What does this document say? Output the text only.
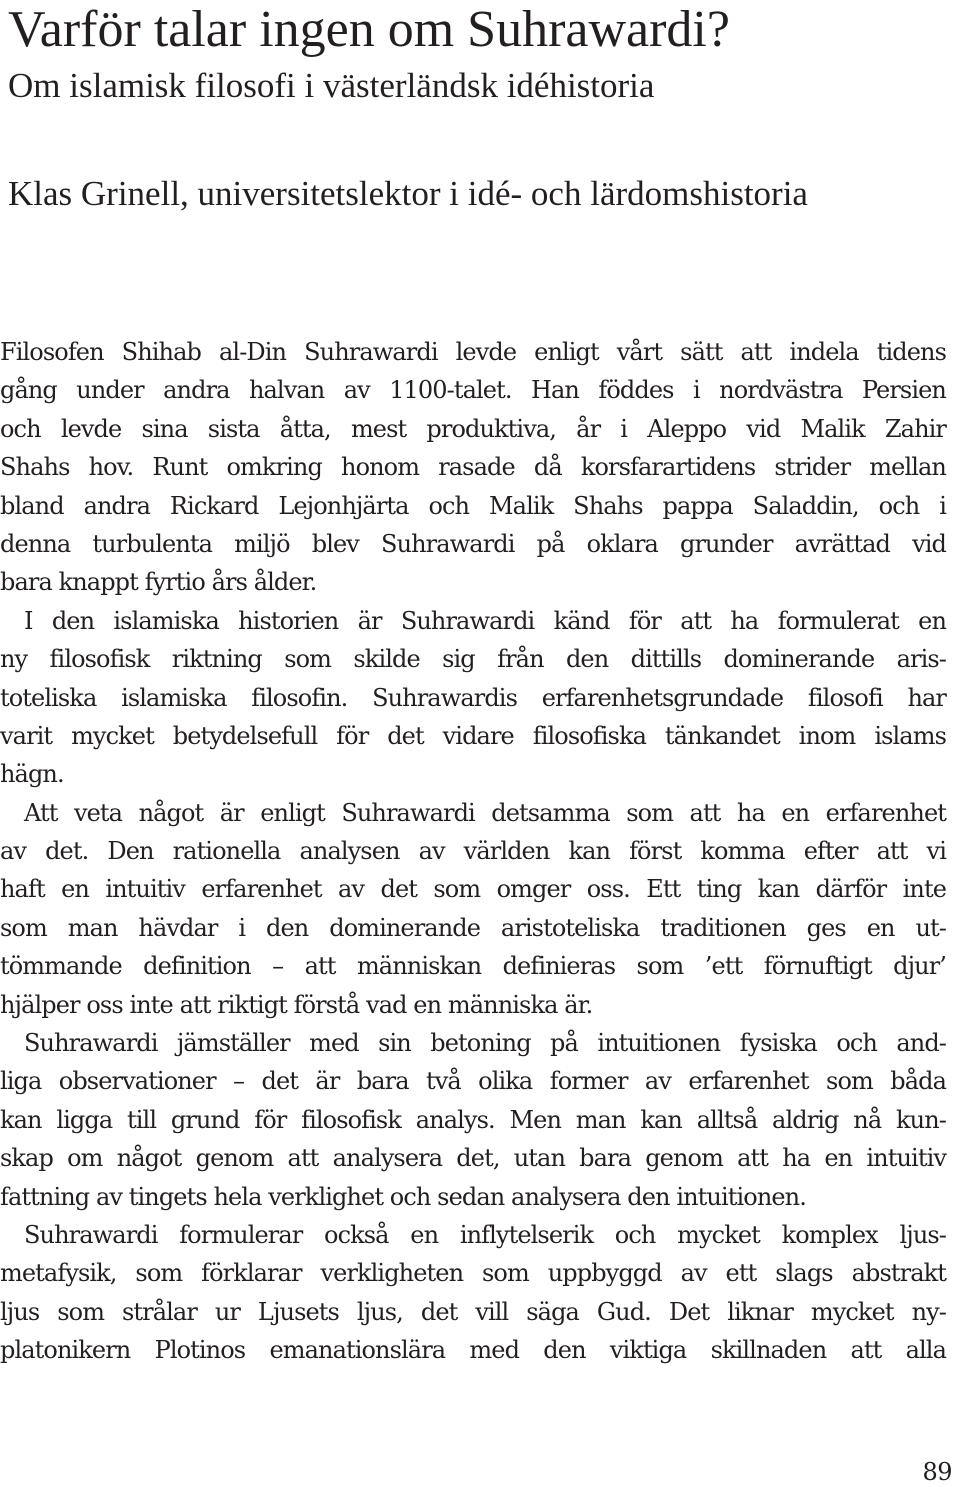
Varför talar ingen om Suhrawardi?
Om islamisk filosofi i västerländsk idéhistoria
Klas Grinell, universitetslektor i idé- och lärdomshistoria
Filosofen Shihab al-Din Suhrawardi levde enligt vårt sätt att indela tidens
gång under andra halvan av 1100-talet. Han föddes i nordvästra Persien
och levde sina sista åtta, mest produktiva, år i Aleppo vid Malik Zahir
Shahs hov. Runt omkring honom rasade då korsfarartidens strider mellan
bland andra Rickard Lejonhjärta och Malik Shahs pappa Saladdin, och i
denna turbulenta miljö blev Suhrawardi på oklara grunder avrättad vid
bara knappt fyrtio års ålder.
I den islamiska historien är Suhrawardi känd för att ha formulerat en
ny filosofisk riktning som skilde sig från den dittills dominerande aris-
toteliska islamiska filosofin. Suhrawardis erfarenhetsgrundade filosofi har
varit mycket betydelsefull för det vidare filosofiska tänkandet inom islams
hägn.
Att veta något är enligt Suhrawardi detsamma som att ha en erfarenhet
av det. Den rationella analysen av världen kan först komma efter att vi
haft en intuitiv erfarenhet av det som omger oss. Ett ting kan därför inte
som man hävdar i den dominerande aristoteliska traditionen ges en ut-
tömmande definition – att människan definieras som ’ett förnuftigt djur’
hjälper oss inte att riktigt förstå vad en människa är.
Suhrawardi jämställer med sin betoning på intuitionen fysiska och and-
liga observationer – det är bara två olika former av erfarenhet som båda
kan ligga till grund för filosofisk analys. Men man kan alltså aldrig nå kun-
skap om något genom att analysera det, utan bara genom att ha en intuitiv
fattning av tingets hela verklighet och sedan analysera den intuitionen.
Suhrawardi formulerar också en inflytelserik och mycket komplex ljus-
metafysik, som förklarar verkligheten som uppbyggd av ett slags abstrakt
ljus som strålar ur Ljusets ljus, det vill säga Gud. Det liknar mycket ny-
platonikern Plotinos emanationslära med den viktiga skillnaden att alla
89
